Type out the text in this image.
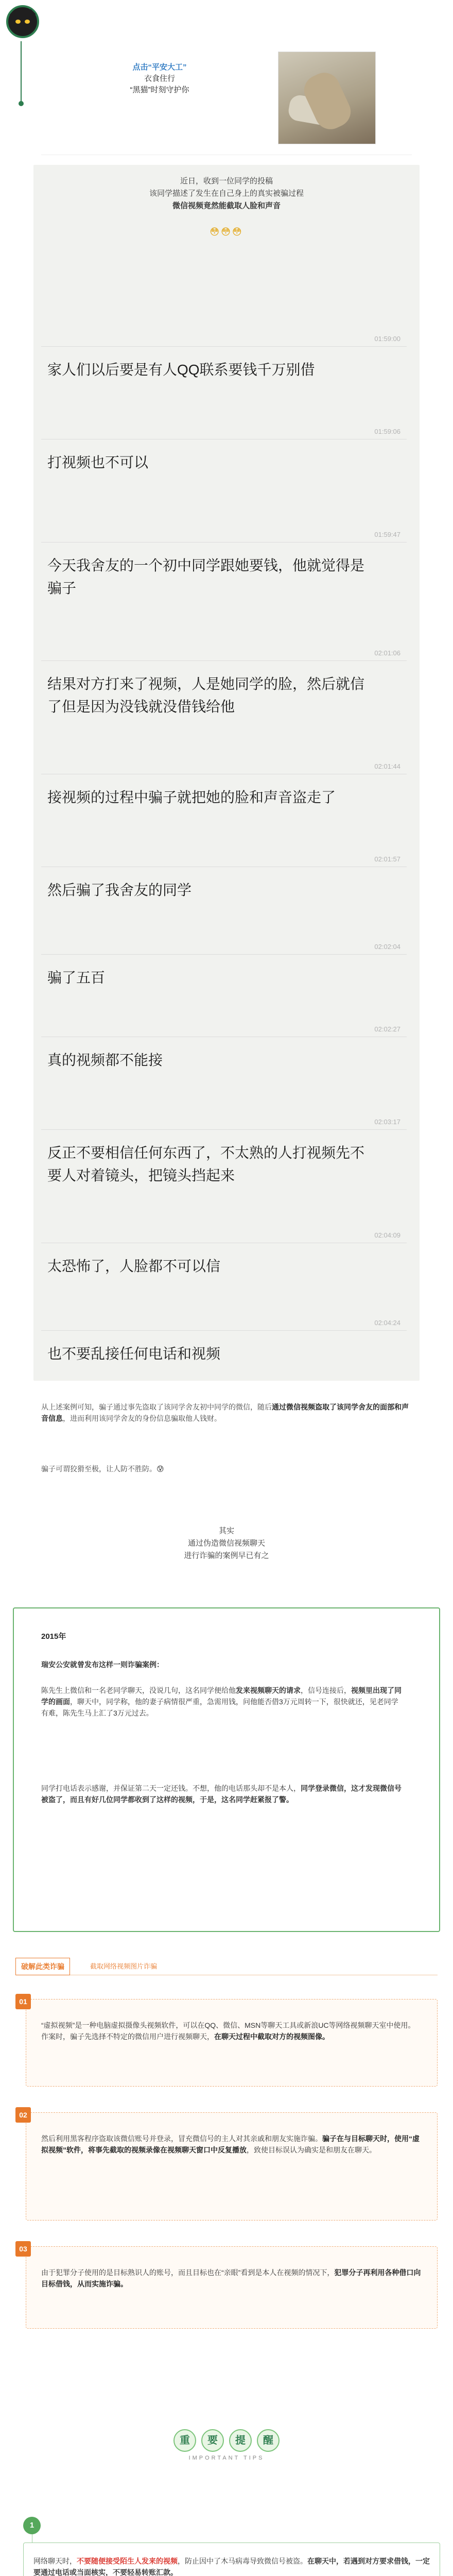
点击“平安大工”
衣食住行
“黑猫”时刻守护你
近日，收到一位同学的投稿
该同学描述了发生在自己身上的真实被骗过程
微信视频竟然能截取人脸和声音
😳😳😳
01:59:00
家人们以后要是有人QQ联系要钱千万别借
01:59:06
打视频也不可以
01:59:47
今天我舍友的一个初中同学跟她要钱，他就觉得是骗子
02:01:06
结果对方打来了视频，人是她同学的脸，然后就信了但是因为没钱就没借钱给他
02:01:44
接视频的过程中骗子就把她的脸和声音盗走了
02:01:57
然后骗了我舍友的同学
02:02:04
骗了五百
02:02:27
真的视频都不能接
02:03:17
反正不要相信任何东西了，不太熟的人打视频先不要人对着镜头，把镜头挡起来
02:04:09
太恐怖了，人脸都不可以信
02:04:24
也不要乱接任何电话和视频
从上述案例可知，骗子通过事先盗取了该同学舍友初中同学的微信，随后通过微信视频盗取了该同学舍友的面部和声音信息，进而利用该同学舍友的身份信息骗取他人钱财。
骗子可谓狡猾至极，让人防不胜防。😰
其实
通过伪造微信视频聊天
进行诈骗的案例早已有之
2015年
瑞安公安就曾发布这样一则诈骗案例：
陈先生上微信和一名老同学聊天，没说几句，这名同学便给他发来视频聊天的请求，信号连接后，视频里出现了同学的画面，聊天中，同学称，他的妻子病情很严重，急需用钱，问他能否借3万元周转一下，很快就还，见老同学有难，陈先生马上汇了3万元过去。
同学打电话表示感谢，并保证第二天一定还钱。不想，他的电话那头却不是本人，同学登录微信，这才发现微信号被盗了，而且有好几位同学都收到了这样的视频，于是，这名同学赶紧报了警。
破解此类诈骗	截取网络视频图片诈骗
01
“虚拟视频”是一种电脑虚拟摄像头视频软件，可以在QQ、微信、MSN等聊天工具或新浪UC等网络视频聊天室中使用。作案时，骗子先选择不特定的微信用户进行视频聊天，在聊天过程中截取对方的视频图像。
02
然后利用黑客程序盗取该微信账号并登录，冒充微信号的主人对其亲戚和朋友实施诈骗。骗子在与目标聊天时，使用“虚拟视频”软件，将事先截取的视频录像在视频聊天窗口中反复播放，致使目标误认为确实是和朋友在聊天。
03
由于犯罪分子使用的是目标熟识人的账号，而且目标也在“亲眼”看到是本人在视频的情况下，犯罪分子再利用各种借口向目标借钱，从而实施诈骗。
重 要 提 醒
IMPORTANT TIPS
1
网络聊天时，不要随便接受陌生人发来的视频，防止因中了木马病毒导致微信号被盗。在聊天中，若遇到对方要求借钱，一定要通过电话或当面核实，不要轻易转账汇款。
